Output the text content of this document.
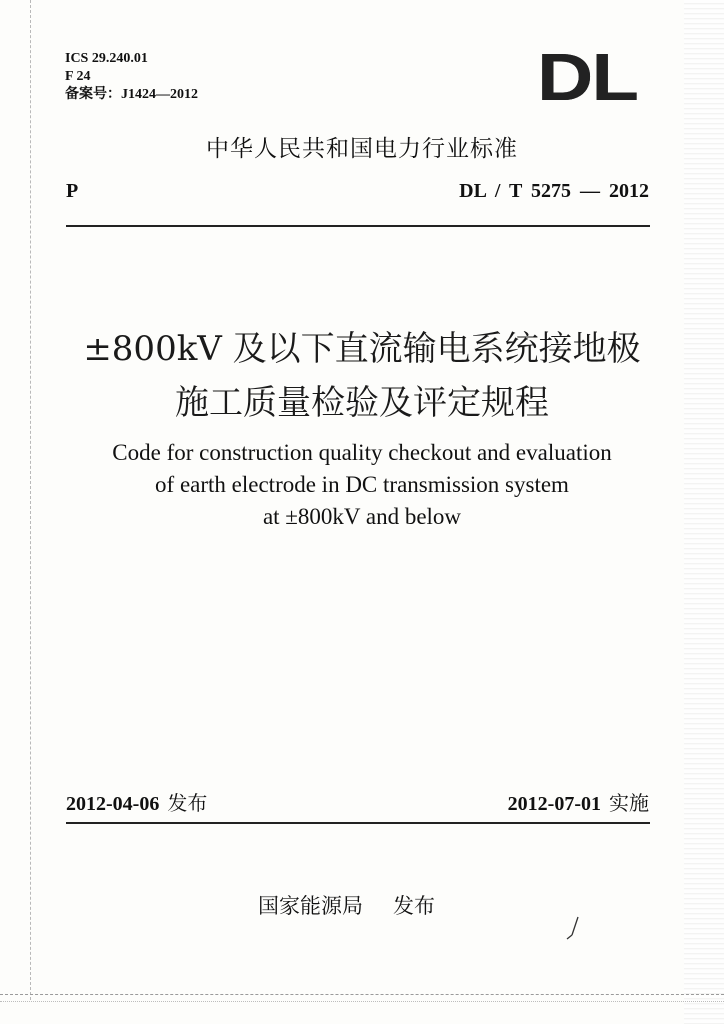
ICS 29.240.01
F 24
备案号：J1424—2012	DL
中华人民共和国电力行业标准
P	DL / T 5275 — 2012
±800kV 及以下直流输电系统接地极
施工质量检验及评定规程
Code for construction quality checkout and evaluation
of earth electrode in DC transmission system
at ±800kV and below
2012-04-06 发布	2012-07-01 实施
国家能源局 发布
